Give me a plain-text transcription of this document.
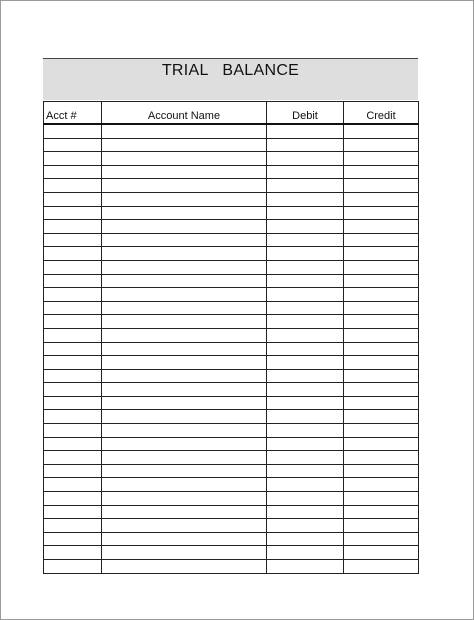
TRIAL   BALANCE
Acct #	Account Name	Debit	Credit
